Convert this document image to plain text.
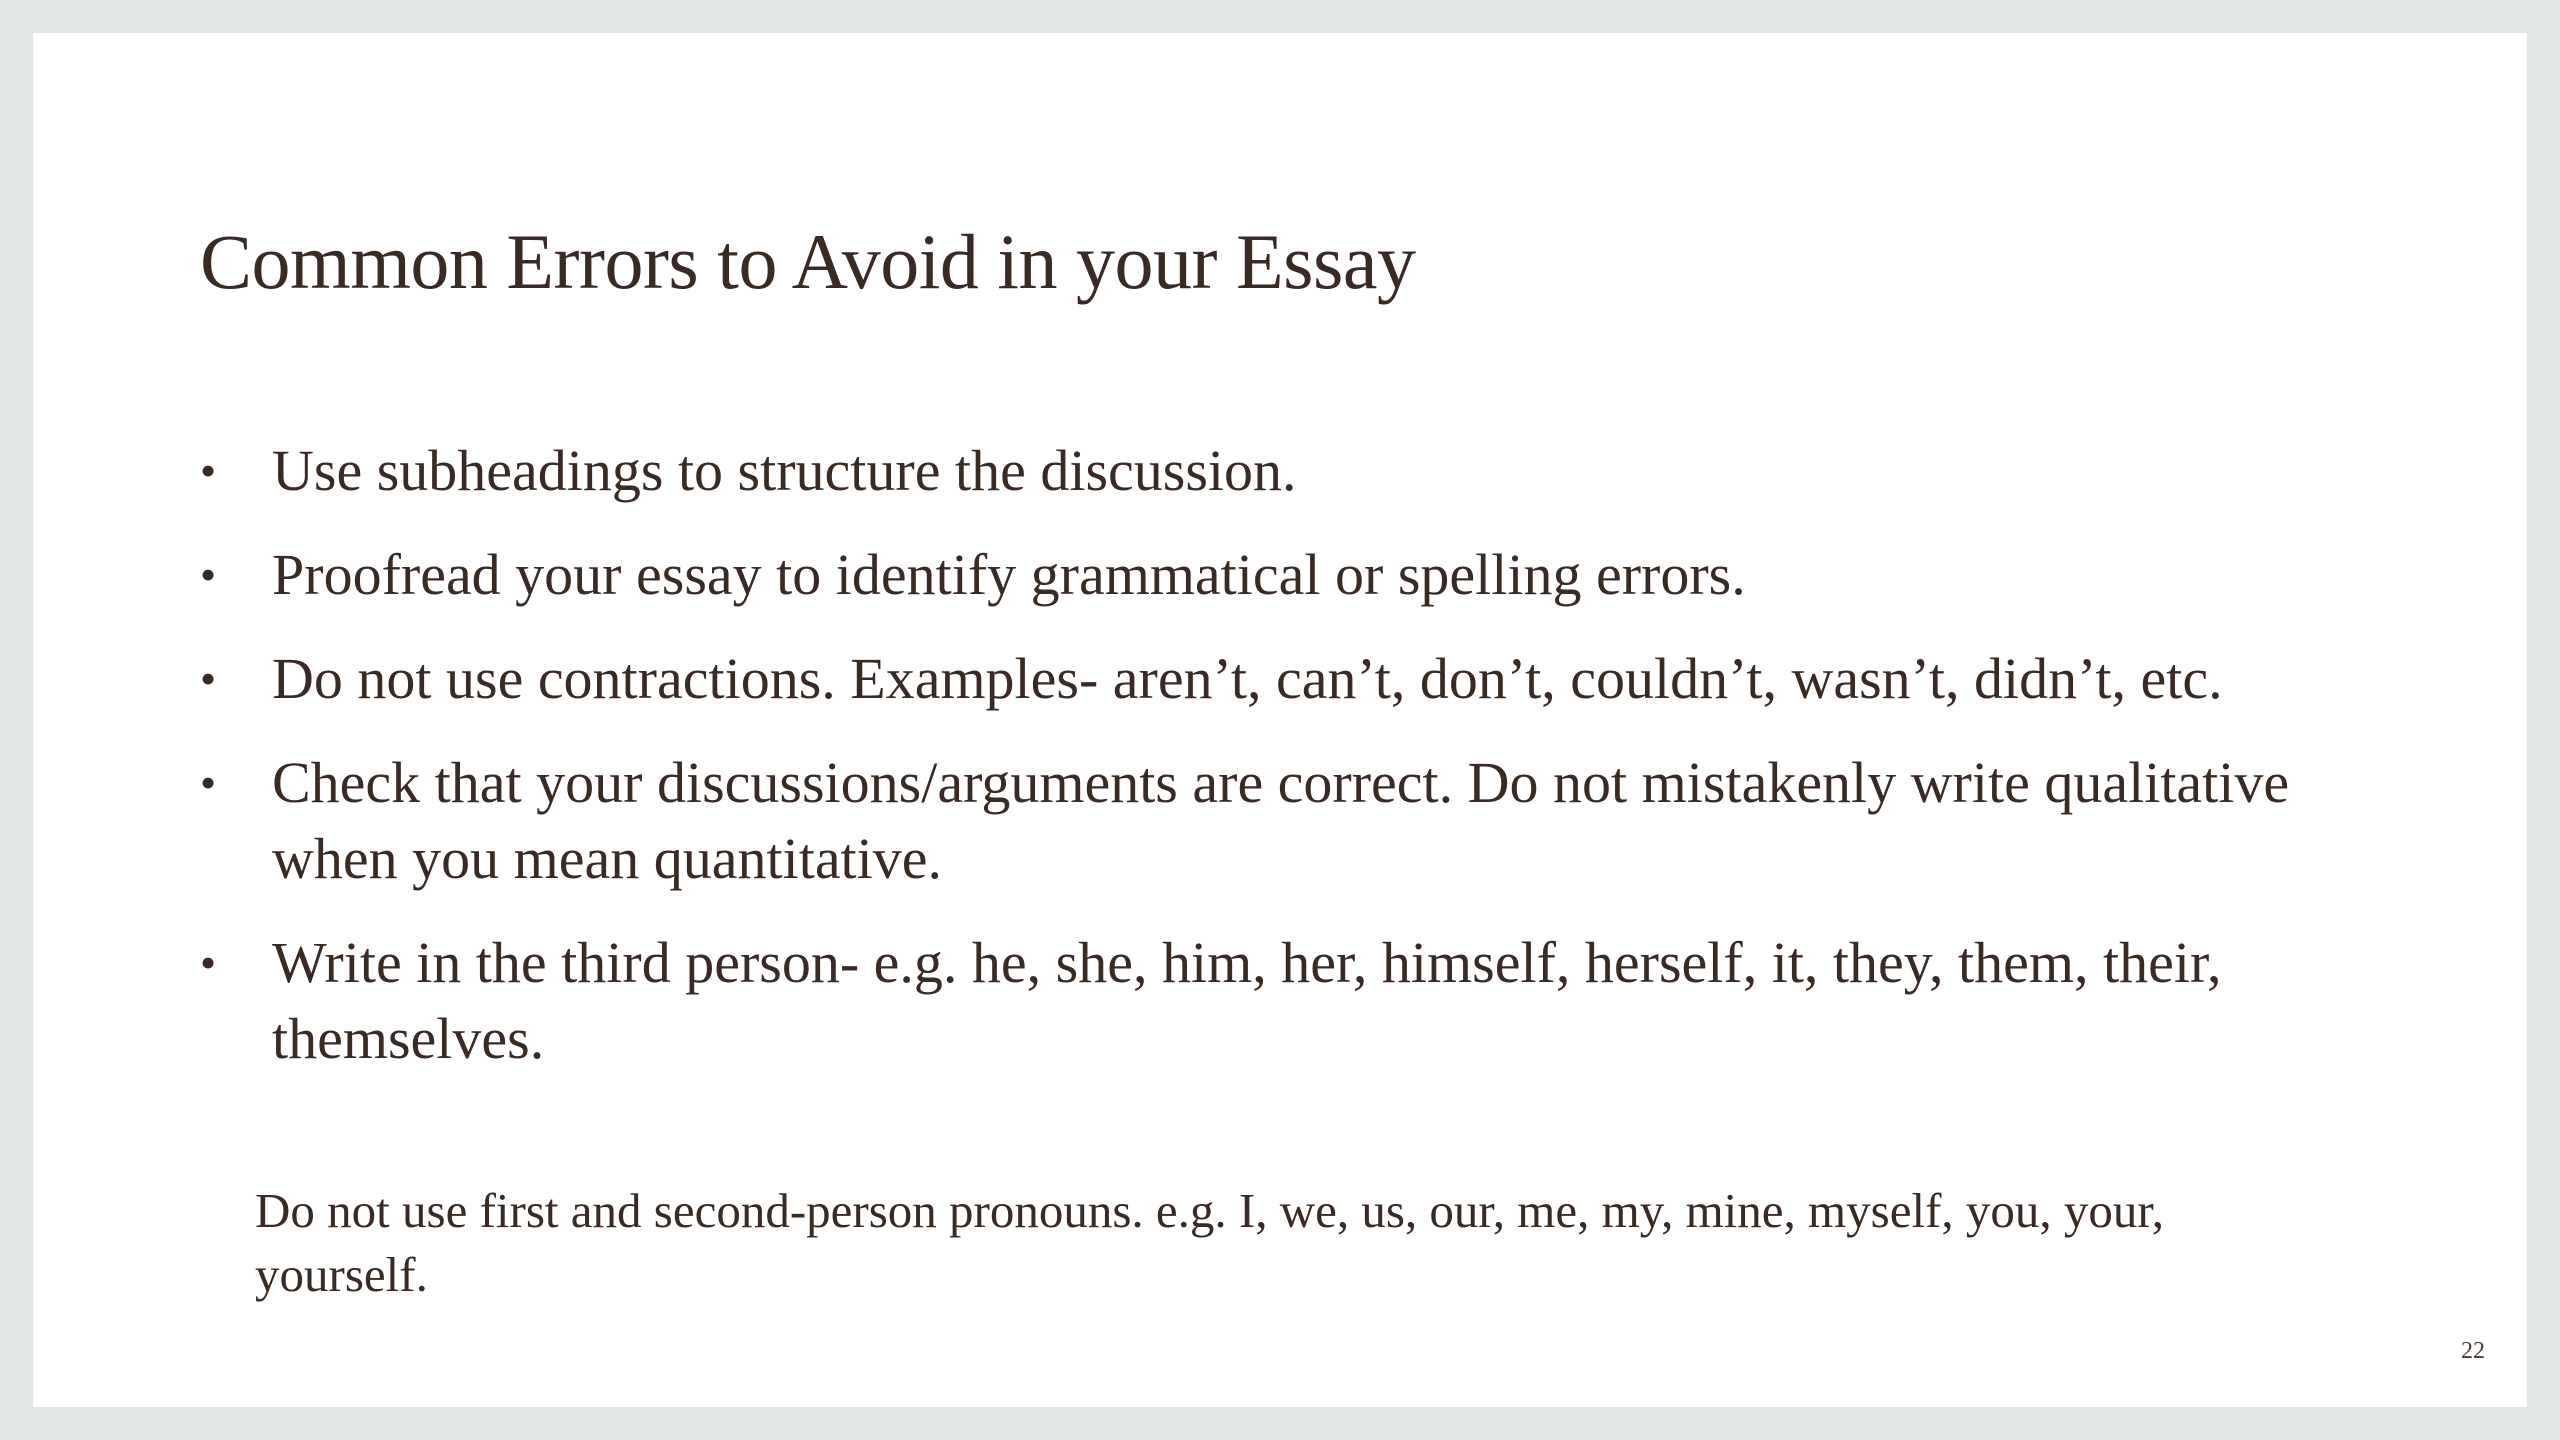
Common Errors to Avoid in your Essay
• Use subheadings to structure the discussion.
• Proofread your essay to identify grammatical or spelling errors.
• Do not use contractions. Examples- aren’t, can’t, don’t, couldn’t, wasn’t, didn’t, etc.
• Check that your discussions/arguments are correct. Do not mistakenly write qualitative when you mean quantitative.
• Write in the third person- e.g. he, she, him, her, himself, herself, it, they, them, their, themselves.

Do not use first and second-person pronouns. e.g. I, we, us, our, me, my, mine, myself, you, your, yourself.

22
